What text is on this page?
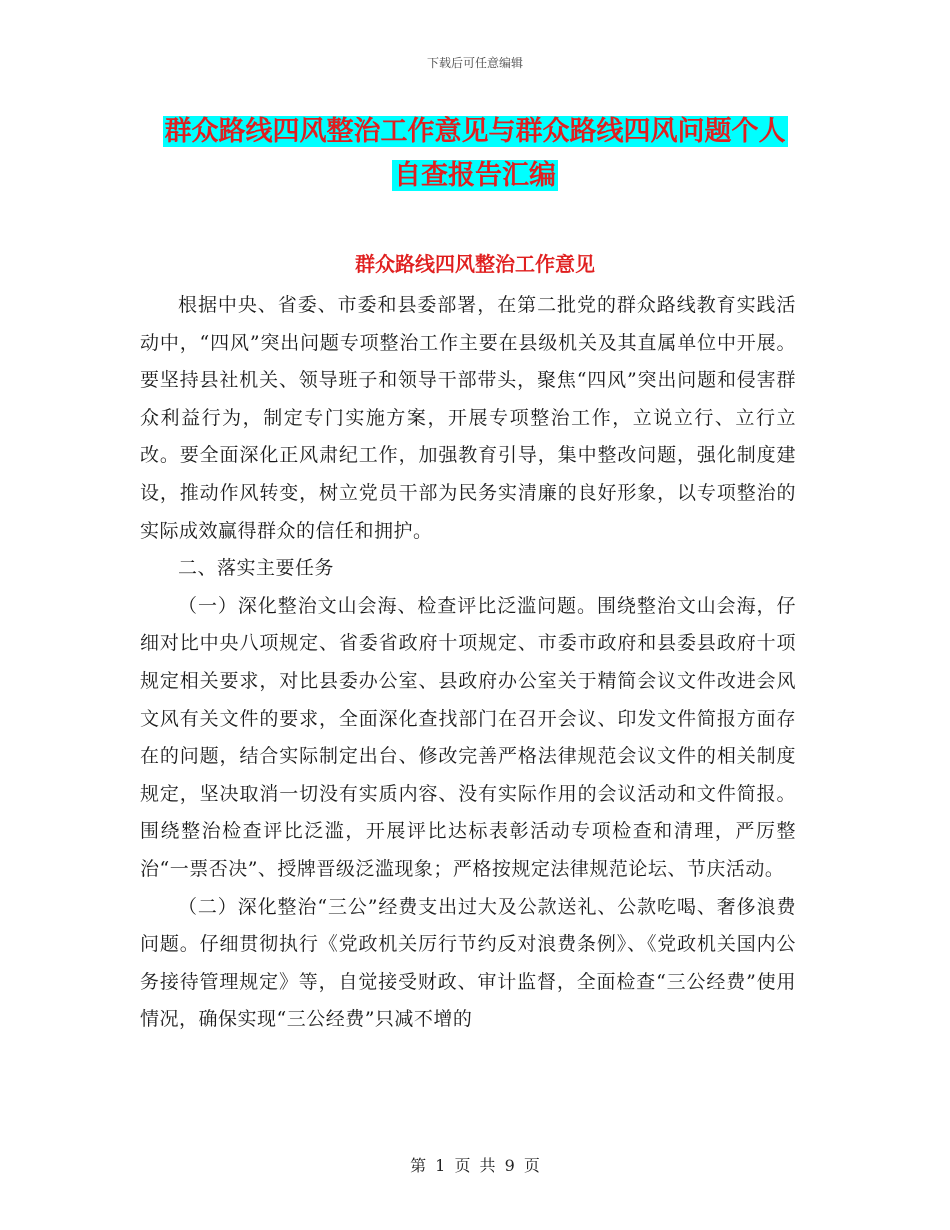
下载后可任意编辑
群众路线四风整治工作意见与群众路线四风问题个人
自查报告汇编
群众路线四风整治工作意见

根据中央、省委、市委和县委部署，在第二批党的群众路线教育实践活动中，“四风”突出问题专项整治工作主要在县级机关及其直属单位中开展。要坚持县社机关、领导班子和领导干部带头，聚焦“四风”突出问题和侵害群众利益行为，制定专门实施方案，开展专项整治工作，立说立行、立行立改。要全面深化正风肃纪工作，加强教育引导，集中整改问题，强化制度建设，推动作风转变，树立党员干部为民务实清廉的良好形象，以专项整治的实际成效赢得群众的信任和拥护。

二、落实主要任务

（一）深化整治文山会海、检查评比泛滥问题。围绕整治文山会海，仔细对比中央八项规定、省委省政府十项规定、市委市政府和县委县政府十项规定相关要求，对比县委办公室、县政府办公室关于精简会议文件改进会风文风有关文件的要求，全面深化查找部门在召开会议、印发文件简报方面存在的问题，结合实际制定出台、修改完善严格法律规范会议文件的相关制度规定，坚决取消一切没有实质内容、没有实际作用的会议活动和文件简报。围绕整治检查评比泛滥，开展评比达标表彰活动专项检查和清理，严厉整治“一票否决”、授牌晋级泛滥现象；严格按规定法律规范论坛、节庆活动。

（二）深化整治“三公”经费支出过大及公款送礼、公款吃喝、奢侈浪费问题。仔细贯彻执行《党政机关厉行节约反对浪费条例》、《党政机关国内公务接待管理规定》等，自觉接受财政、审计监督，全面检查“三公经费”使用情况，确保实现“三公经费”只减不增的

第 1 页 共 9 页
